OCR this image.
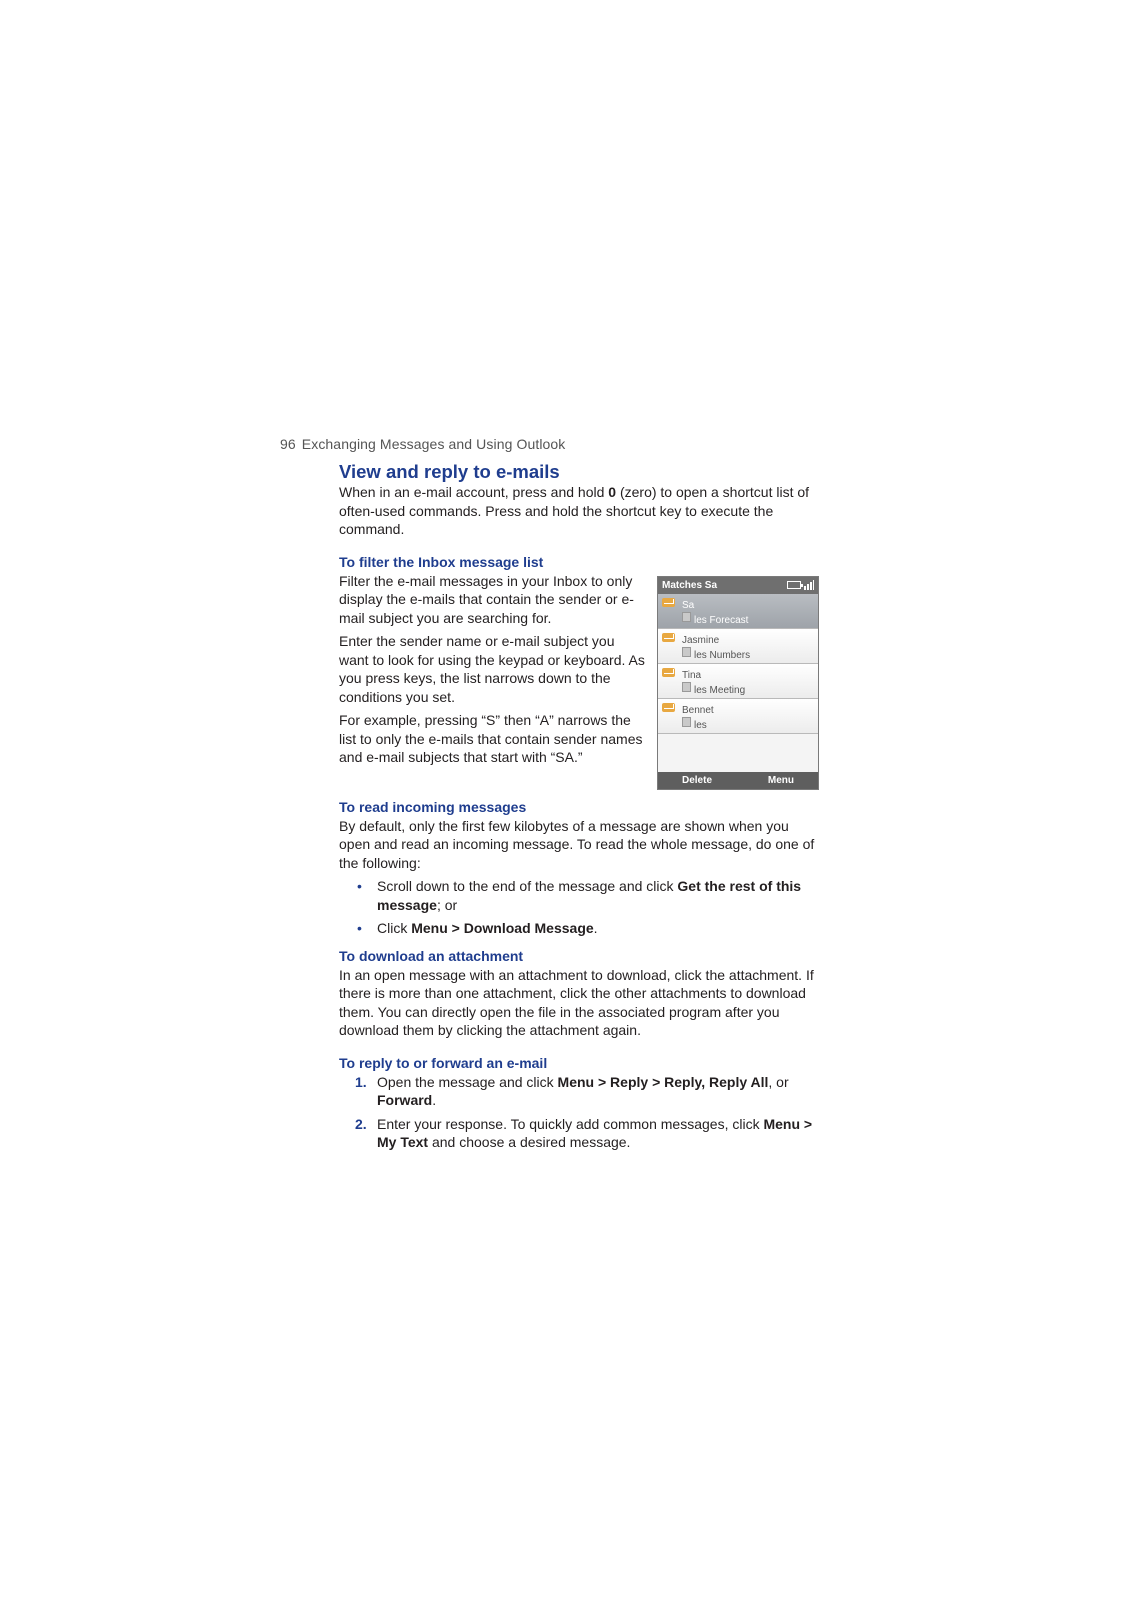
96 Exchanging Messages and Using Outlook
View and reply to e-mails

When in an e-mail account, press and hold 0 (zero) to open a shortcut list of often-used commands. Press and hold the shortcut key to execute the command.

To filter the Inbox message list
Matches Sa
Sa
les Forecast
Jasmine
les Numbers
Tina
les Meeting
Bennet
les
Delete	Menu

Filter the e-mail messages in your Inbox to only display the e-mails that contain the sender or e-mail subject you are searching for.

Enter the sender name or e-mail subject you want to look for using the keypad or keyboard. As you press keys, the list narrows down to the conditions you set.

For example, pressing “S” then “A” narrows the list to only the e-mails that contain sender names and e-mail subjects that start with “SA.”

To read incoming messages

By default, only the first few kilobytes of a message are shown when you open and read an incoming message. To read the whole message, do one of the following:

• Scroll down to the end of the message and click Get the rest of this message; or
• Click Menu > Download Message.
To download an attachment

In an open message with an attachment to download, click the attachment. If there is more than one attachment, click the other attachments to download them. You can directly open the file in the associated program after you download them by clicking the attachment again.

To reply to or forward an e-mail
1. Open the message and click Menu > Reply > Reply, Reply All, or Forward.
2. Enter your response. To quickly add common messages, click Menu > My Text and choose a desired message.
